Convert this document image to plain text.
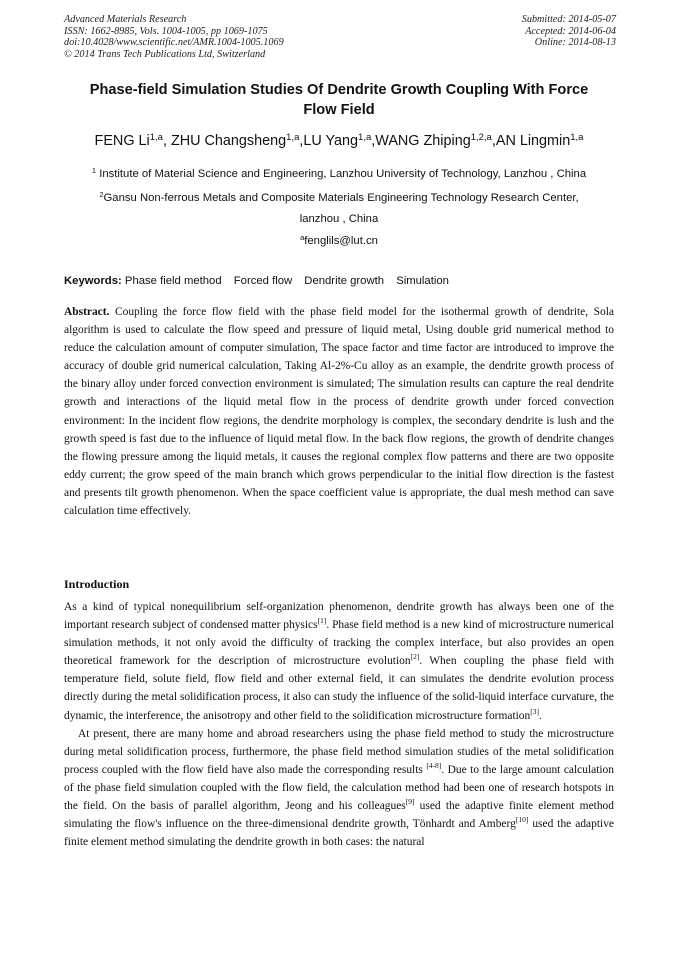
Advanced Materials Research
ISSN: 1662-8985, Vols. 1004-1005, pp 1069-1075
doi:10.4028/www.scientific.net/AMR.1004-1005.1069
© 2014 Trans Tech Publications Ltd, Switzerland
Submitted: 2014-05-07
Accepted: 2014-06-04
Online: 2014-08-13
Phase-field Simulation Studies Of Dendrite Growth Coupling With Force
Flow Field
FENG Li$^{1,a}$, ZHU Changsheng$^{1,a}$,LU Yang$^{1,a}$,WANG Zhiping$^{1,2,a}$,AN Lingmin$^{1,a}$
$^1$ Institute of Material Science and Engineering, Lanzhou University of Technology, Lanzhou , China
$^2$Gansu Non-ferrous Metals and Composite Materials Engineering Technology Research Center,
lanzhou , China
$^a$fenglils@lut.cn
Keywords: Phase field method Forced flow Dendrite growth Simulation

Abstract. Coupling the force flow field with the phase field model for the isothermal growth of dendrite, Sola algorithm is used to calculate the flow speed and pressure of liquid metal, Using double grid numerical method to reduce the calculation amount of computer simulation, The space factor and time factor are introduced to improve the accuracy of double grid numerical calculation, Taking Al-2%-Cu alloy as an example, the dendrite growth process of the binary alloy under forced convection environment is simulated; The simulation results can capture the real dendrite growth and interactions of the liquid metal flow in the process of dendrite growth under forced convection environment: In the incident flow regions, the dendrite morphology is complex, the secondary dendrite is lush and the growth speed is fast due to the influence of liquid metal flow. In the back flow regions, the growth of dendrite changes the flowing pressure among the liquid metals, it causes the regional complex flow patterns and there are two opposite eddy current; the grow speed of the main branch which grows perpendicular to the initial flow direction is the fastest and presents tilt growth phenomenon. When the space coefficient value is appropriate, the dual mesh method can save calculation time effectively.

Introduction

As a kind of typical nonequilibrium self-organization phenomenon, dendrite growth has always been one of the important research subject of condensed matter physics[1]. Phase field method is a new kind of microstructure numerical simulation methods, it not only avoid the difficulty of tracking the complex interface, but also provides an open theoretical framework for the description of microstructure evolution[2]. When coupling the phase field with temperature field, solute field, flow field and other external field, it can simulates the dendrite evolution process directly during the metal solidification process, it also can study the influence of the solid-liquid interface curvature, the dynamic, the interference, the anisotropy and other field to the solidification microstructure formation[3].

At present, there are many home and abroad researchers using the phase field method to study the microstructure during metal solidification process, furthermore, the phase field method simulation studies of the metal solidification process coupled with the flow field have also made the corresponding results [4-8]. Due to the large amount calculation of the phase field simulation coupled with the flow field, the calculation method had been one of research hotspots in the field. On the basis of parallel algorithm, Jeong and his colleagues[9] used the adaptive finite element method simulating the flow's influence on the three-dimensional dendrite growth, Tönhardt and Amberg[10] used the adaptive finite element method simulating the dendrite growth in both cases: the natural
